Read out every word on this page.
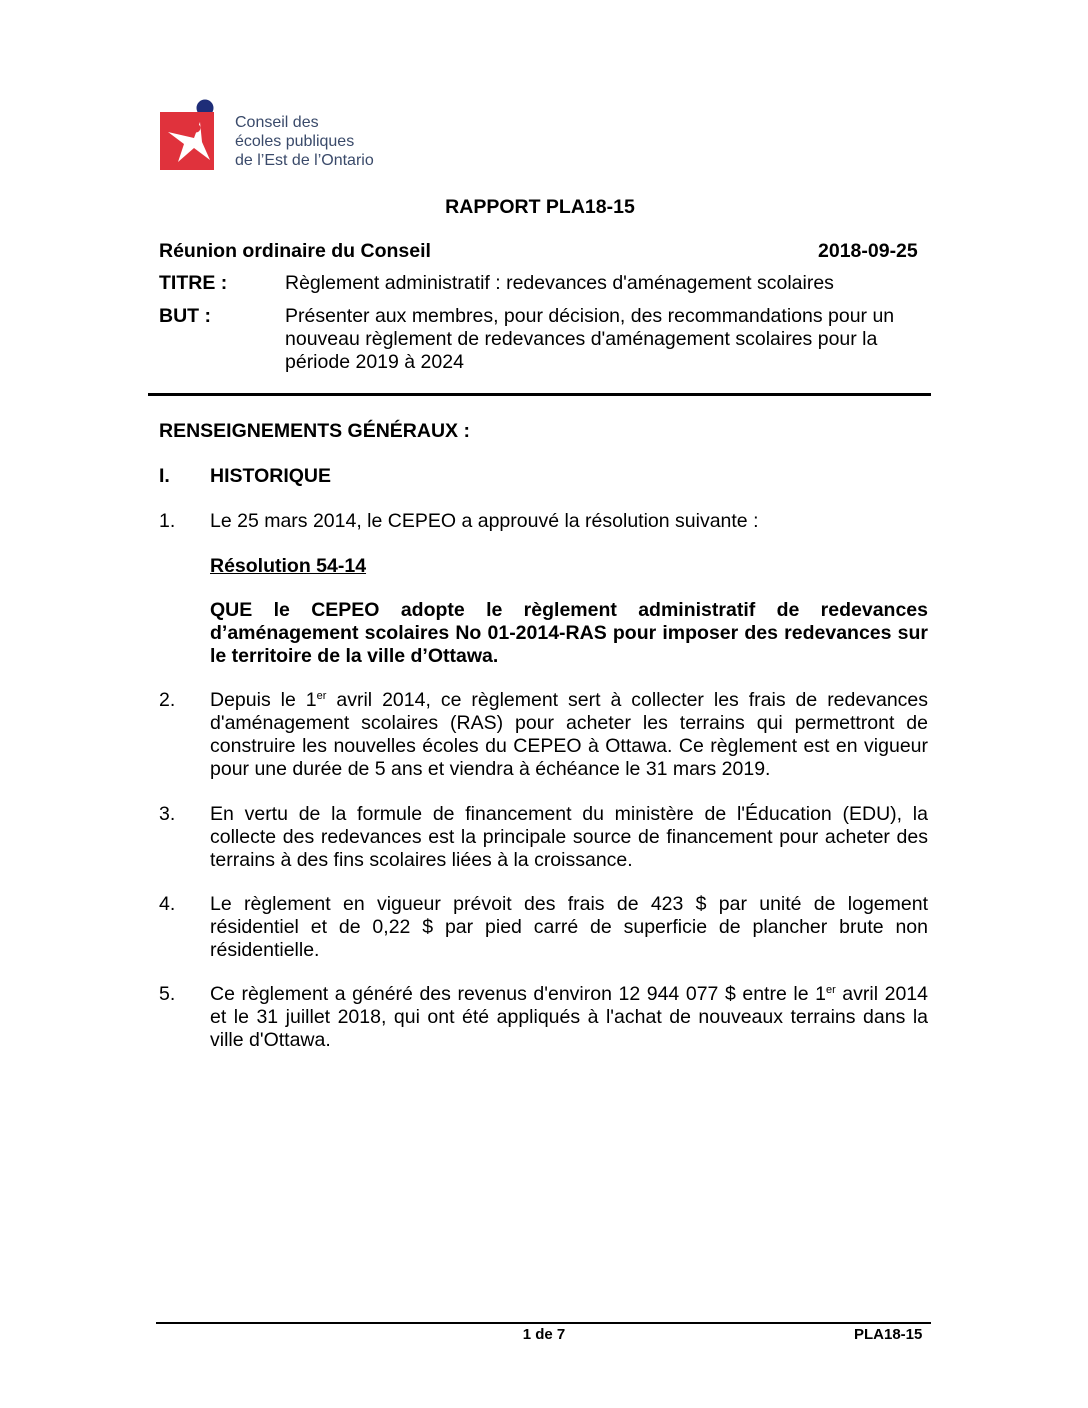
Conseil des
écoles publiques
de l’Est de l’Ontario
RAPPORT PLA18-15
Réunion ordinaire du Conseil	2018-09-25
TITRE :	Règlement administratif : redevances d'aménagement scolaires
BUT :	Présenter aux membres, pour décision, des recommandations pour un nouveau règlement de redevances d'aménagement scolaires pour la période 2019 à 2024
RENSEIGNEMENTS GÉNÉRAUX :
I. HISTORIQUE
1. Le 25 mars 2014, le CEPEO a approuvé la résolution suivante :
Résolution 54-14
QUE le CEPEO adopte le règlement administratif de redevances d’aménagement scolaires No 01-2014-RAS pour imposer des redevances sur le territoire de la ville d’Ottawa.
2. Depuis le 1er avril 2014, ce règlement sert à collecter les frais de redevances d'aménagement scolaires (RAS) pour acheter les terrains qui permettront de construire les nouvelles écoles du CEPEO à Ottawa. Ce règlement est en vigueur pour une durée de 5 ans et viendra à échéance le 31 mars 2019.
3. En vertu de la formule de financement du ministère de l'Éducation (EDU), la collecte des redevances est la principale source de financement pour acheter des terrains à des fins scolaires liées à la croissance.
4. Le règlement en vigueur prévoit des frais de 423 $ par unité de logement résidentiel et de 0,22 $ par pied carré de superficie de plancher brute non résidentielle.
5. Ce règlement a généré des revenus d'environ 12 944 077 $ entre le 1er avril 2014 et le 31 juillet 2018, qui ont été appliqués à l'achat de nouveaux terrains dans la ville d'Ottawa.
1 de 7	PLA18-15
